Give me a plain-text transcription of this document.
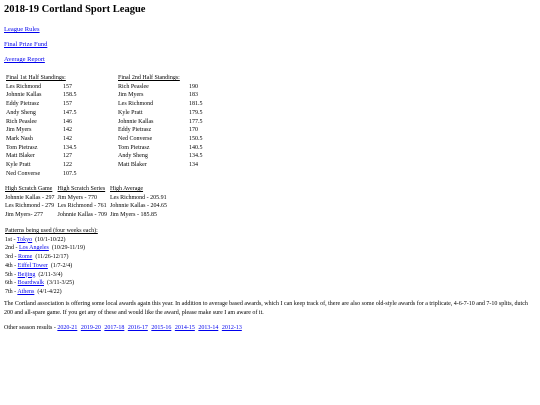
2018-19 Cortland Sport League
League Rules
Final Prize Fund
Average Report
Final 1st Half Standings:	
Les Richmond	157
Johnnie Kallas	158.5
Eddy Pietrasz	157
Andy Sheng	147.5
Rich Peaslee	146
Jim Myers	142
Mark Nash	142
Tom Pietrasz	134.5
Matt Blaker	127
Kyle Pratt	122
Ned Converse	107.5
Final 2nd Half Standings:	
Rich Peaslee	190
Jim Myers	183
Les Richmond	181.5
Kyle Pratt	179.5
Johnnie Kallas	177.5
Eddy Pietrasz	170
Ned Converse	150.5
Tom Pietrasz	140.5
Andy Sheng	134.5
Matt Blaker	134
High Scratch Game	High Scratch Series	High Average
Johnnie Kallas - 297	Jim Myers - 770	Les Richmond - 205.91
Les Richmond - 279	Les Richmond - 761	Johnnie Kallas - 204.65
Jim Myers- 277	Johnnie Kallas - 709	Jim Myers - 185.85
Patterns being used (four weeks each):
1st - Tokyo (10/1-10/22)
2nd - Los Angeles (10/29-11/19)
3rd - Rome (11/26-12/17)
4th - Eiffel Tower (1/7-2/4)
5th - Beijing (2/11-3/4)
6th - Boardwalk (3/11-3/25)
7th - Athens (4/1-4/22)
The Cortland association is offering some local awards again this year. In addition to average based awards, which I can keep track of, there are also some old-style awards for a triplicate, 4-6-7-10 and 7-10 splits, dutch 200 and all-spare game. If you get any of these and would like the award, please make sure I am aware of it.
Other season results - 2020-21 2019-20 2017-18 2016-17 2015-16 2014-15 2013-14 2012-13
